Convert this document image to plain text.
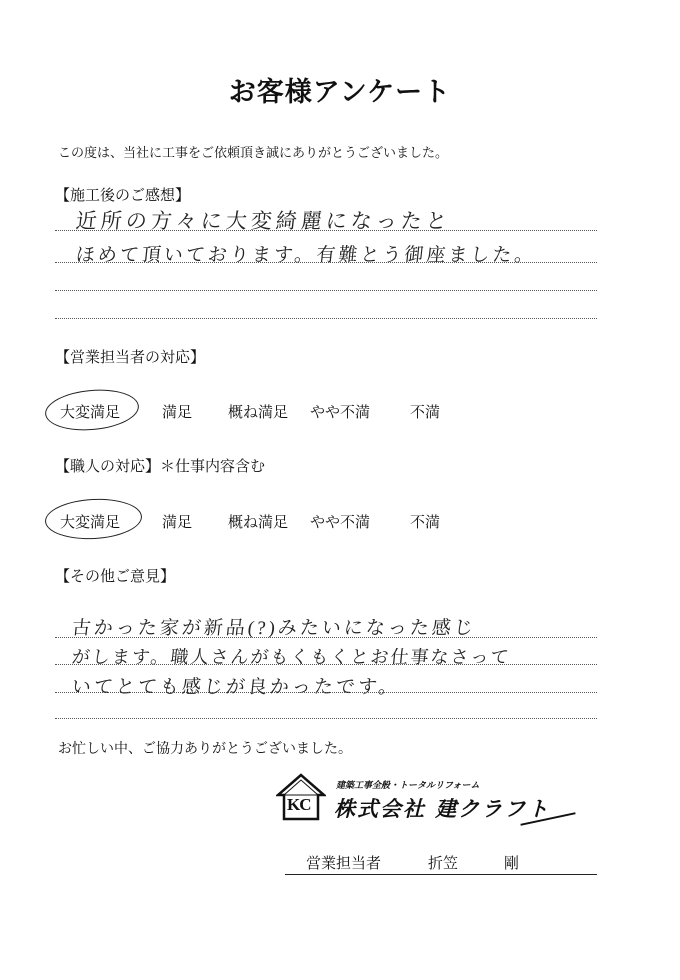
お客様アンケート
この度は、当社に工事をご依頼頂き誠にありがとうございました。
【施工後のご感想】
近所の方々に大変綺麗になったと
ほめて頂いております。有難とう御座ました。
【営業担当者の対応】
大変満足	満足 概ね満足 やや不満	不満
【職人の対応】＊仕事内容含む
大変満足	満足 概ね満足 やや不満	不満
【その他ご意見】
古かった家が新品(?)みたいになった感じ
がします。職人さんがもくもくとお仕事なさって
いてとても感じが良かったです。
お忙しい中、ご協力ありがとうございました。
KC
建築工事全般・トータルリフォーム
株式会社 建クラフト
営業担当者	折笠	剛
